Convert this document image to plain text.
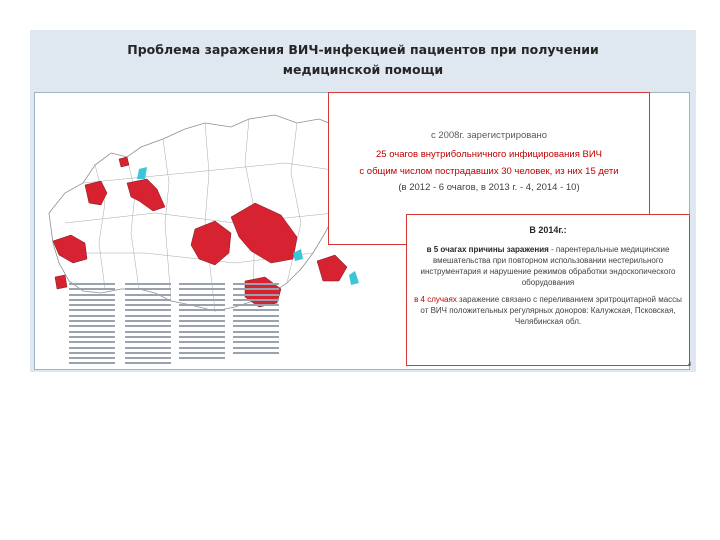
Проблема заражения ВИЧ-инфекцией пациентов при получении
медицинской помощи
с 2008г. зарегистрировано
25 очагов внутрибольничного инфицирования ВИЧ
с общим числом пострадавших 30 человек, из них 15 дети
(в 2012 - 6 очагов, в 2013 г. - 4, 2014 - 10)
В 2014г.:
в 5 очагах причины заражения - парентеральные медицинские вмешательства при повторном использовании нестерильного инструментария и нарушение режимов обработки эндоскопического оборудования
в 4 случаях заражение связано с переливанием эритроцитарной массы от ВИЧ положительных регулярных доноров: Калужская, Псковская, Челябинская обл.
4
